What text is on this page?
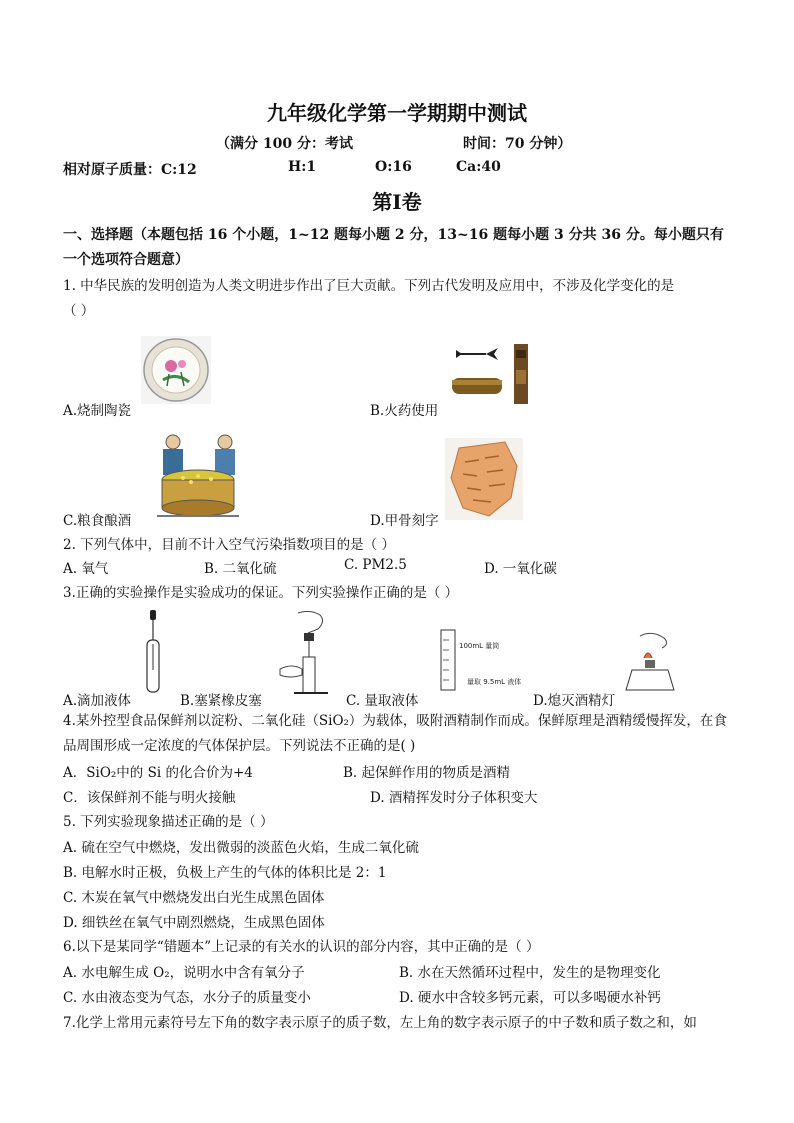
九年级化学第一学期期中测试
（满分 100 分：考试	时间：70 分钟）
相对原子质量：C:12	H:1	O:16	Ca:40
第Ⅰ卷
一、选择题（本题包括 16 个小题，1~12 题每小题 2 分，13~16 题每小题 3 分共 36 分。每小题只有一个选项符合题意）
1. 中华民族的发明创造为人类文明进步作出了巨大贡献。下列古代发明及应用中，不涉及化学变化的是
（ ）
A.烧制陶瓷	B.火药使用
C.粮食酿酒	D.甲骨刻字
2. 下列气体中，目前不计入空气污染指数项目的是（ ）
A. 氧气	B. 二氧化硫	C. PM2.5	D. 一氧化碳
3.正确的实验操作是实验成功的保证。下列实验操作正确的是（ ）
100mL 量筒
量取 9.5mL 液体
A.滴加液体	B.塞紧橡皮塞	C. 量取液体	D.熄灭酒精灯
4.某外控型食品保鲜剂以淀粉、二氧化硅（SiO₂）为载体，吸附酒精制作而成。保鲜原理是酒精缓慢挥发，在食品周围形成一定浓度的气体保护层。下列说法不正确的是( )
A．SiO₂中的 Si 的化合价为+4	B. 起保鲜作用的物质是酒精
C．该保鲜剂不能与明火接触	D. 酒精挥发时分子体积变大
5. 下列实验现象描述正确的是（ ）
A. 硫在空气中燃烧，发出微弱的淡蓝色火焰，生成二氧化硫
B. 电解水时正极，负极上产生的气体的体积比是 2：1
C. 木炭在氧气中燃烧发出白光生成黑色固体
D. 细铁丝在氧气中剧烈燃烧，生成黑色固体
6.以下是某同学“错题本”上记录的有关水的认识的部分内容，其中正确的是（ ）
A. 水电解生成 O₂，说明水中含有氧分子	B. 水在天然循环过程中，发生的是物理变化
C. 水由液态变为气态，水分子的质量变小	D. 硬水中含较多钙元素，可以多喝硬水补钙
7.化学上常用元素符号左下角的数字表示原子的质子数，左上角的数字表示原子的中子数和质子数之和，如
